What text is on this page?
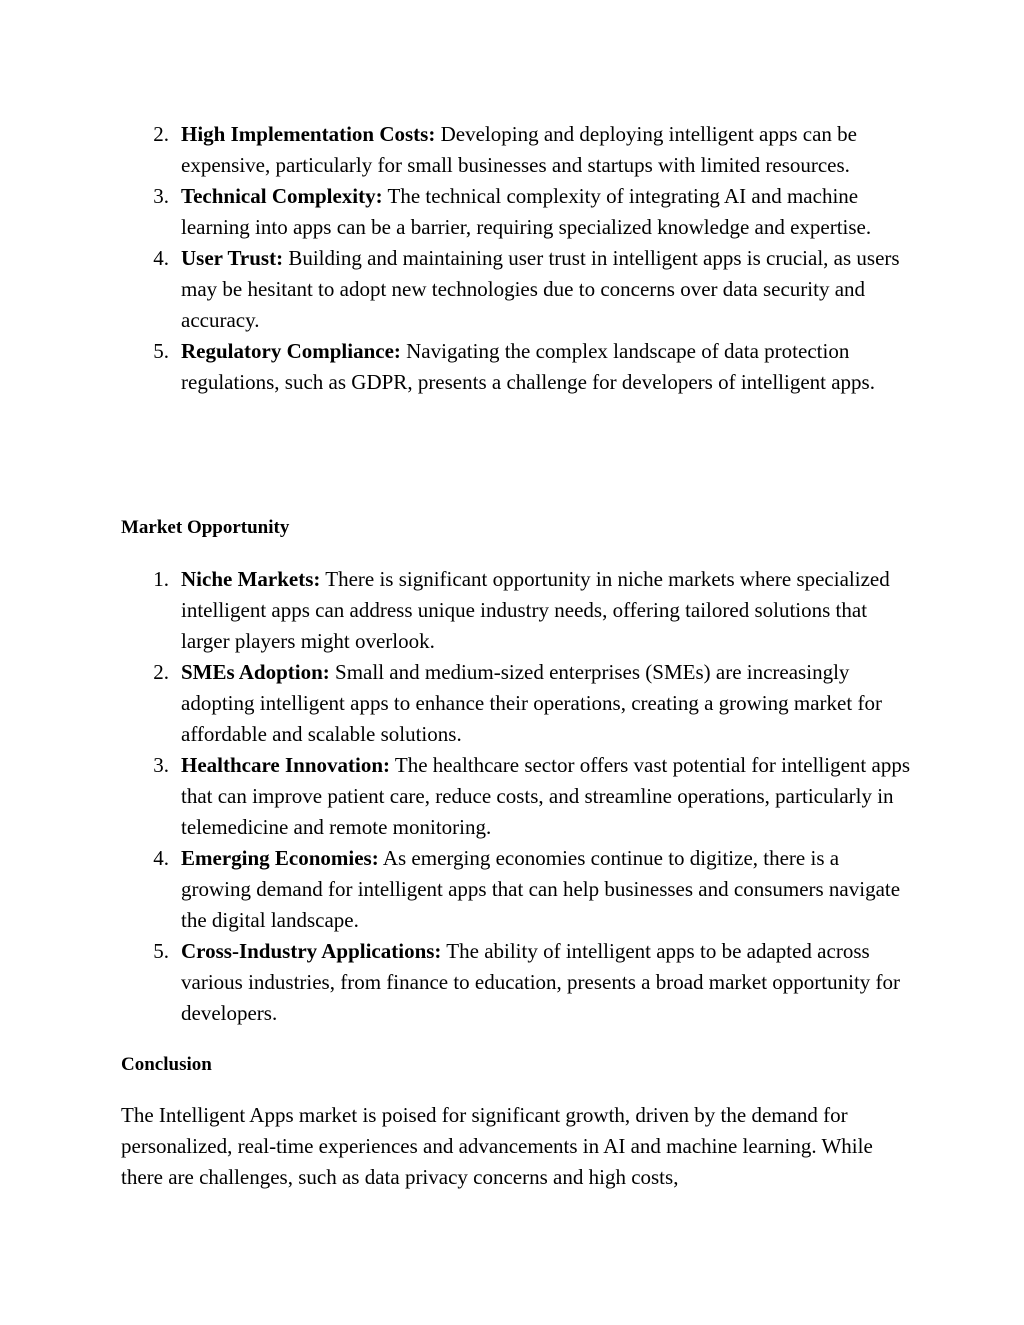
2. High Implementation Costs: Developing and deploying intelligent apps can be expensive, particularly for small businesses and startups with limited resources.
3. Technical Complexity: The technical complexity of integrating AI and machine learning into apps can be a barrier, requiring specialized knowledge and expertise.
4. User Trust: Building and maintaining user trust in intelligent apps is crucial, as users may be hesitant to adopt new technologies due to concerns over data security and accuracy.
5. Regulatory Compliance: Navigating the complex landscape of data protection regulations, such as GDPR, presents a challenge for developers of intelligent apps.
Market Opportunity
1. Niche Markets: There is significant opportunity in niche markets where specialized intelligent apps can address unique industry needs, offering tailored solutions that larger players might overlook.
2. SMEs Adoption: Small and medium-sized enterprises (SMEs) are increasingly adopting intelligent apps to enhance their operations, creating a growing market for affordable and scalable solutions.
3. Healthcare Innovation: The healthcare sector offers vast potential for intelligent apps that can improve patient care, reduce costs, and streamline operations, particularly in telemedicine and remote monitoring.
4. Emerging Economies: As emerging economies continue to digitize, there is a growing demand for intelligent apps that can help businesses and consumers navigate the digital landscape.
5. Cross-Industry Applications: The ability of intelligent apps to be adapted across various industries, from finance to education, presents a broad market opportunity for developers.
Conclusion

The Intelligent Apps market is poised for significant growth, driven by the demand for personalized, real-time experiences and advancements in AI and machine learning. While there are challenges, such as data privacy concerns and high costs,
